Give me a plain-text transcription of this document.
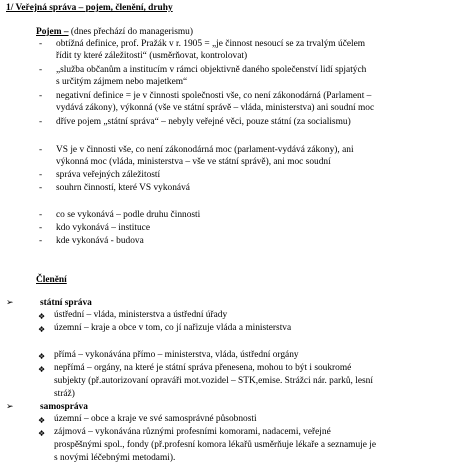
1/ Veřejná správa – pojem, členění, druhy
Pojem – (dnes přechází do managerismu)
- obtížná definice, prof. Pražák v r. 1905 = „je činnost nesoucí se za trvalým účelem
řídit ty které záležitosti“ (usměrňovat, kontrolovat)
- „služba občanům a institucím v rámci objektivně daného společenství lidí spjatých
s určitým zájmem nebo majetkem“
- negativní definice = je v činnosti společnosti vše, co není zákonodárná (Parlament –
vydává zákony), výkonná (vše ve státní správě – vláda, ministerstva) ani soudní moc
- dříve pojem „státní správa“ – nebyly veřejné věci, pouze státní (za socialismu)
- VS je v činnosti vše, co není zákonodárná moc (parlament-vydává zákony), ani
výkonná moc (vláda, ministerstva – vše ve státní správě), ani moc soudní
- správa veřejných záležitostí
- souhrn činností, které VS vykonává
- co se vykonává – podle druhu činnosti
- kdo vykonává – instituce
- kde vykonává - budova
Členění
➢	státní správa
❖ ústřední – vláda, ministerstva a ústřední úřady
❖ územní – kraje a obce v tom, co jí nařizuje vláda a ministerstva
❖ přímá – vykonávána přímo – ministerstva, vláda, ústřední orgány
❖ nepřímá – orgány, na které je státní správa přenesena, mohou to být i soukromé
subjekty (př.autorizovaní opraváři mot.vozidel – STK,emise. Strážci nár. parků, lesní
stráž)
➢	samospráva
❖ územní – obce a kraje ve své samosprávné působnosti
❖ zájmová – vykonávána různými profesními komorami, nadacemi, veřejné
prospěšnými spol., fondy (př.profesní komora lékařů usměrňuje lékaře a seznamuje je
s novými léčebnými metodami).
